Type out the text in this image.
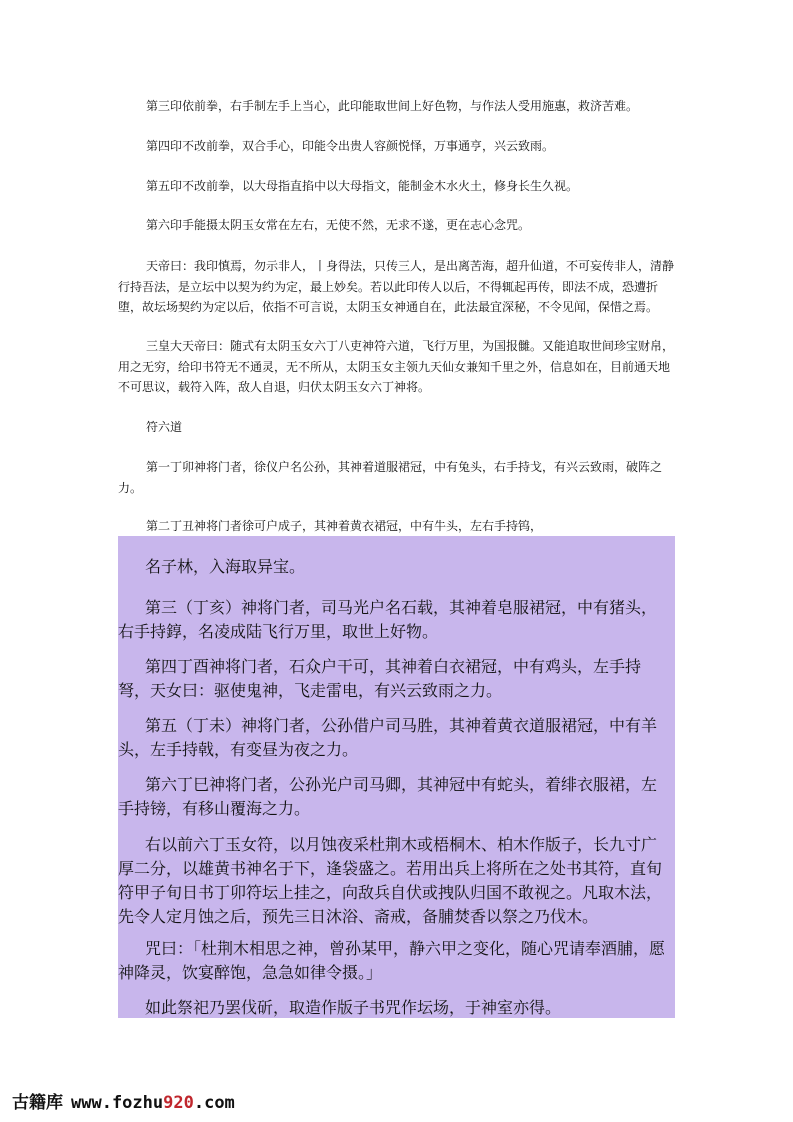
第三印依前拳，右手制左手上当心，此印能取世间上好色物，与作法人受用施惠，救济苦难。

第四印不改前拳，双合手心，印能令出贵人容颜悦怿，万事通亨，兴云致雨。

第五印不改前拳，以大母指直掐中以大母指文，能制金木水火土，修身长生久视。

第六印手能摄太阴玉女常在左右，无使不然，无求不遂，更在志心念咒。

天帝曰：我印慎焉，勿示非人，丨身得法，只传三人，是出离苦海，超升仙道，不可妄传非人，清静行持吾法，是立坛中以契为约为定，最上妙矣。若以此印传人以后，不得辄起再传，即法不成，恐遭折堕，故坛场契约为定以后，依指不可言说，太阴玉女神通自在，此法最宜深秘，不令见闻，保惜之焉。

三皇大天帝曰：随式有太阴玉女六丁八吏神符六道，飞行万里，为国报雠。又能追取世间珍宝财帛，用之无穷，给印书符无不通灵，无不所从，太阴玉女主领九天仙女兼知千里之外，信息如在，目前通天地不可思议，载符入阵，敌人自退，归伏太阴玉女六丁神将。

符六道

第一丁卯神将门者，徐仪户名公孙，其神着道服裙冠，中有兔头，右手持戈，有兴云致雨，破阵之力。

第二丁丑神将门者徐可户成子，其神着黄衣裙冠，中有牛头，左右手持钨，

名子林，入海取异宝。

第三（丁亥）神将门者，司马光户名石载，其神着皂服裙冠，中有猪头，右手持錞，名凌成陆飞行万里，取世上好物。

第四丁酉神将门者，石众户干可，其神着白衣裙冠，中有鸡头，左手持弩，天女曰：驱使鬼神，飞走雷电，有兴云致雨之力。

第五（丁未）神将门者，公孙借户司马胜，其神着黄衣道服裙冠，中有羊头，左手持戟，有变昼为夜之力。

第六丁巳神将门者，公孙光户司马卿，其神冠中有蛇头，着绯衣服裙，左手持镑，有移山覆海之力。

右以前六丁玉女符，以月蚀夜采杜荆木或梧桐木、柏木作版子，长九寸广厚二分，以雄黄书神名于下，逢袋盛之。若用出兵上将所在之处书其符，直旬符甲子旬日书丁卯符坛上挂之，向敌兵自伏或拽队归国不敢视之。凡取木法，先令人定月蚀之后，预先三日沐浴、斋戒，备脯焚香以祭之乃伐木。

咒曰：「杜荆木相思之神，曾孙某甲，静六甲之变化，随心咒请奉酒脯，愿神降灵，饮宴醉饱，急急如律令摄。」

如此祭祀乃罢伐斫，取造作版子书咒作坛场，于神室亦得。

古籍库 www.fozhu920.com
